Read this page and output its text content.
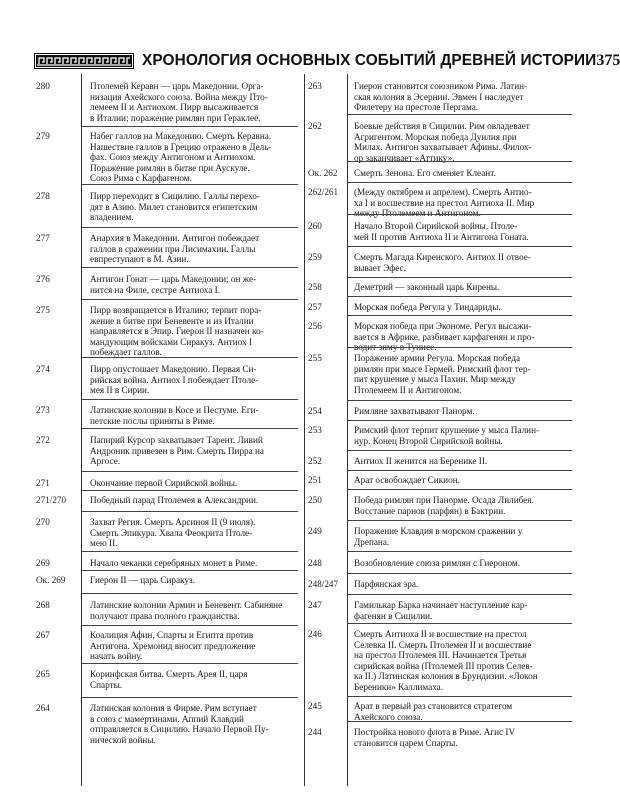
ХРОНОЛОГИЯ ОСНОВНЫХ СОБЫТИЙ ДРЕВНЕЙ ИСТОРИИ 375
280	Птолемей Керавн — царь Македонии. Орга-
низация Ахейского союза. Война между Пто-
лемеем II и Антиохом. Пирр высаживается
в Италии; поражение римлян при Гераклее.
279	Набег галлов на Македонию. Смерть Керавна.
Нашествие галлов в Грецию отражено в Дель-
фах. Союз между Антигоном и Антиохом.
Поражение римлян в битве при Аускуле.
Союз Рима с Карфагеном.
278	Пирр переходит в Сицилию. Галлы перехо-
дят в Азию. Милет становится египетским
владением.
277	Анархия в Македонии. Антигон побеждает
галлов в сражении при Лисимахии. Галлы
евпреступают в М. Азии.
276	Антигон Гонат — царь Македонии; он жe-
нится на Филе, сестре Антиоха I.
275	Пирр возвращается в Италию; терпит пора-
жение в битве при Беневенте и из Италии
направляется в Эпир. Гиерон II назначен ко-
мандующим войсками Сиракуз. Антиох I
побеждает галлов.
274	Пирр опустошает Македонию. Первая Си-
рийская война. Антиох I побеждает Птоле-
мея II в Сирии.
273	Латинские колонии в Косе и Пестуме. Еги-
петские послы приняты в Риме.
272	Папирий Курсор захватывает Тарент. Ливий
Андроник привезен в Рим. Смерть Пирра на
Аргосе.
271	Окончание первой Сирийской войны.
271/270	Победный парад Птолемея в Александрии.
270	Захват Регия. Смерть Арсиноя II (9 июля).
Смерть Эпикура. Хвала Феокрита Птоле-
мею II.
269	Начало чеканки серебряных монет в Риме.
Ок. 269	Гиерон II — царь Сиракуз.
268	Латинские колонии Армин и Беневент. Сабиняне
получают права полного гражданства.
267	Коалиция Афин, Спарты и Египта против
Антигона. Хремонид вносит предложение
начать войну.
265	Коринфская битва. Смерть Арея II, царя
Спарты.
264	Латинская колония в Фирме. Рим вступает
в союз с мамертинами. Аппий Клавдий
отправляется в Сицилию. Начало Первой Пу-
нической войны.
263	Гиерон становится союзником Рима. Латин-
ская колония в Эсернии. Эвмен I наследует
Филетеру на престоле Пергама.
262	Боевые действия в Сицилии. Рим овладевает
Агригентом. Морская победа Дуилия при
Милах. Антигон захватывает Афины. Филох-
ор заканчивает «Аттику».
Ок. 262	Смерть Зенона. Его сменяет Клеант.
262/261	(Между октябрем и апрелем). Смерть Антио-
ха I и восшествие на престол Антиоха II. Мир
между Птолемеем и Антигоном.
260	Начало Второй Сирийской войны. Птоле-
мей II против Антиоха II и Антигона Гоната.
259	Смерть Магада Киренского. Антиох II отвое-
вывает Эфес.
258	Деметрий — законный царь Кирены.
257	Морская победа Регула у Тиндариды.
256	Морская победа при Экономе. Регул высажи-
вается в Африке, разбивает карфагенян и про-
водит зиму в Тунисе.
255	Поражение армии Регула. Морская победа
римлян при мысе Гермей. Римский флот тер-
пит крушение у мыса Пахин. Мир между
Птолемеем II и Антигоном.
254	Римляне захватывают Панорм.
253	Римский флот терпит крушение у мыса Палин-
нур. Конец Второй Сирийской войны.
252	Антиох II женится на Беренике II.
251	Арат освобождает Сикион.
250	Победа римлян при Панорме. Осада Лилибея.
Восстание парнов (парфян) в Бактрии.
249	Поражение Клавдия в морском сражении у
Дрепана.
248	Возобновление союза римлян с Гиероном.
248/247	Парфянская эра.
247	Гамилькар Барка начинает наступление кар-
фагенян в Сицилии.
246	Смерть Антиоха II и восшествие на престол
Селевка II. Смерть Птолемея II и восшествие
на престол Птолемея III. Начинается Третья
сирийская война (Птолемей III против Селев-
ка II.) Латинская колония в Брундизии. «Локон
Береники» Каллимаха.
245	Арат в первый раз становится стратегом
Ахейского союза.
244	Постройка нового флота в Риме. Агис IV
становится царем Спарты.
